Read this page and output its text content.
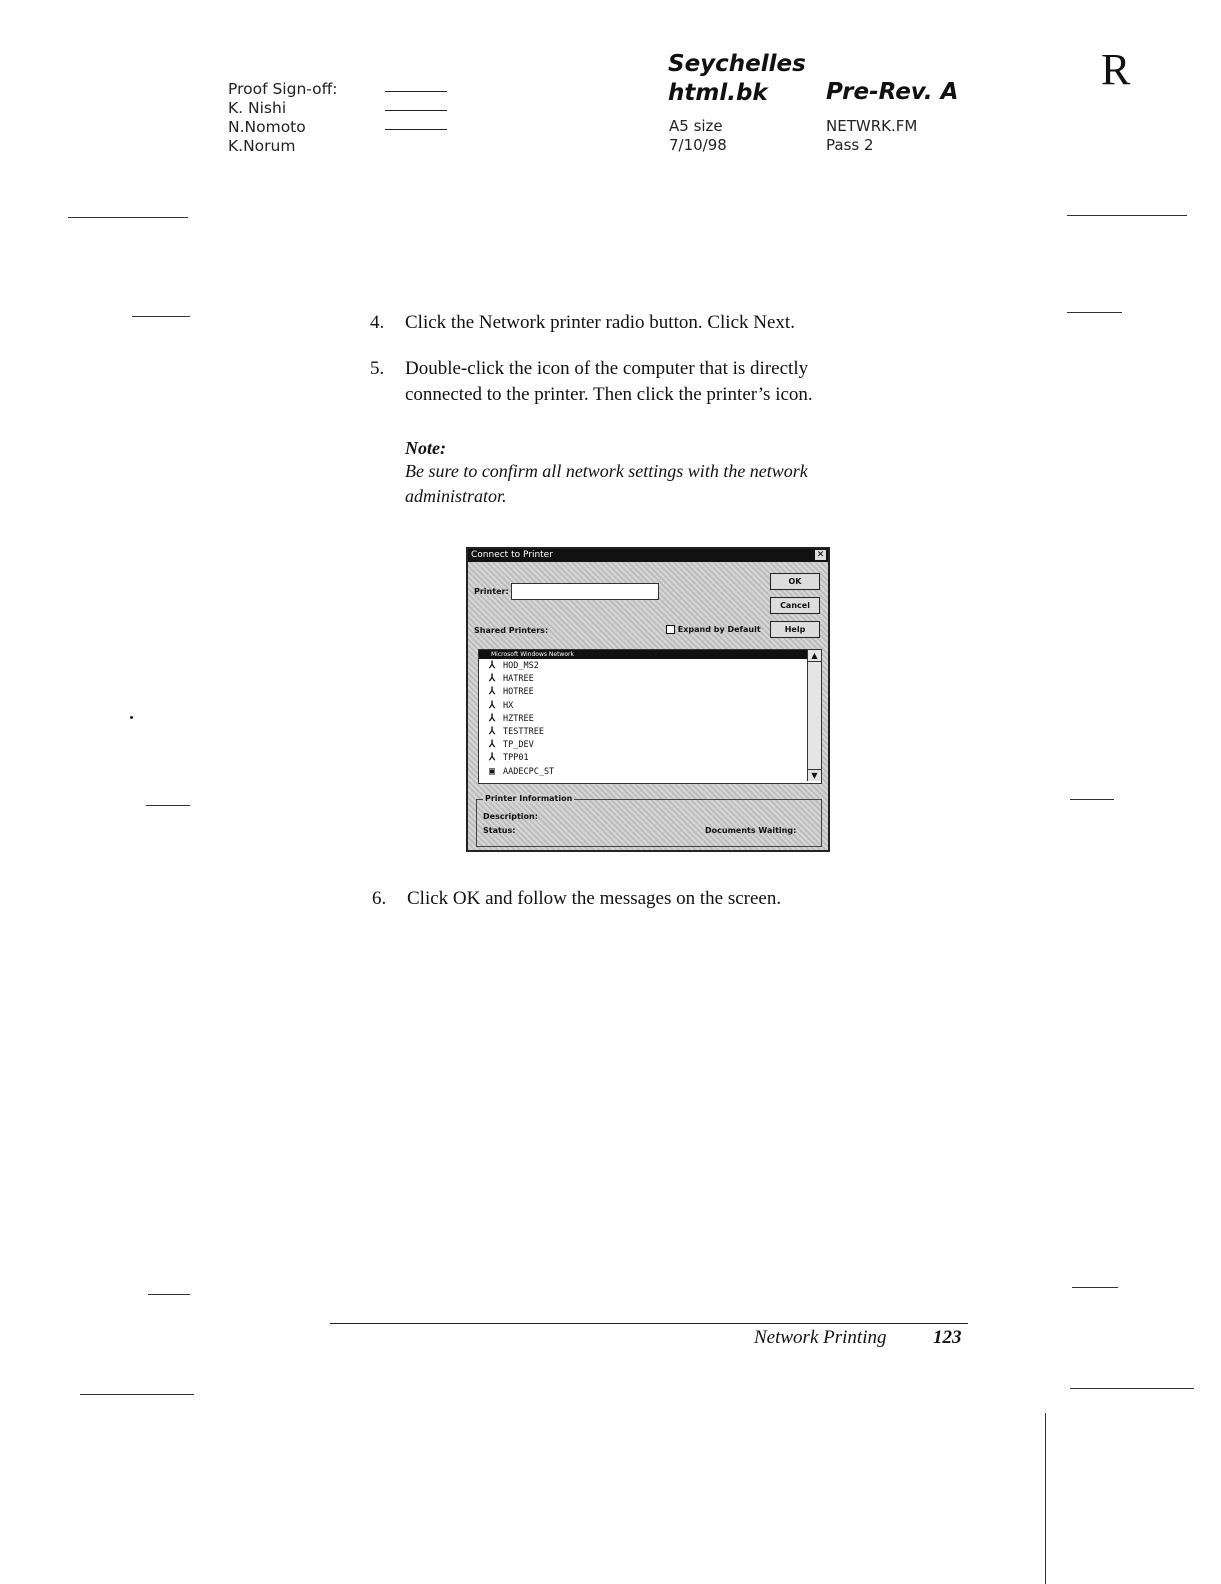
Proof Sign-off:
K. Nishi
N.Nomoto
K.Norum
Seychelles
html.bk	Pre-Rev. A
A5 size
7/10/98
NETWRK.FM
Pass 2
R
4. Click the Network printer radio button. Click Next.
5. Double-click the icon of the computer that is directly
connected to the printer. Then click the printer’s icon.
Note:
Be sure to confirm all network settings with the network
administrator.
Connect to Printer	✕
Printer:
OK
Cancel
Help
Shared Printers:	Expand by Default
Microsoft Windows Network
⅄ HOD_MS2
⅄ HATREE
⅄ HOTREE
⅄ HX
⅄ HZTREE
⅄ TESTTREE
⅄ TP_DEV
⅄ TPP01
▣ AADECPC_ST
▲
▼
Printer Information
Description:
Status:	Documents Waiting:
6. Click OK and follow the messages on the screen.
Network Printing 123
